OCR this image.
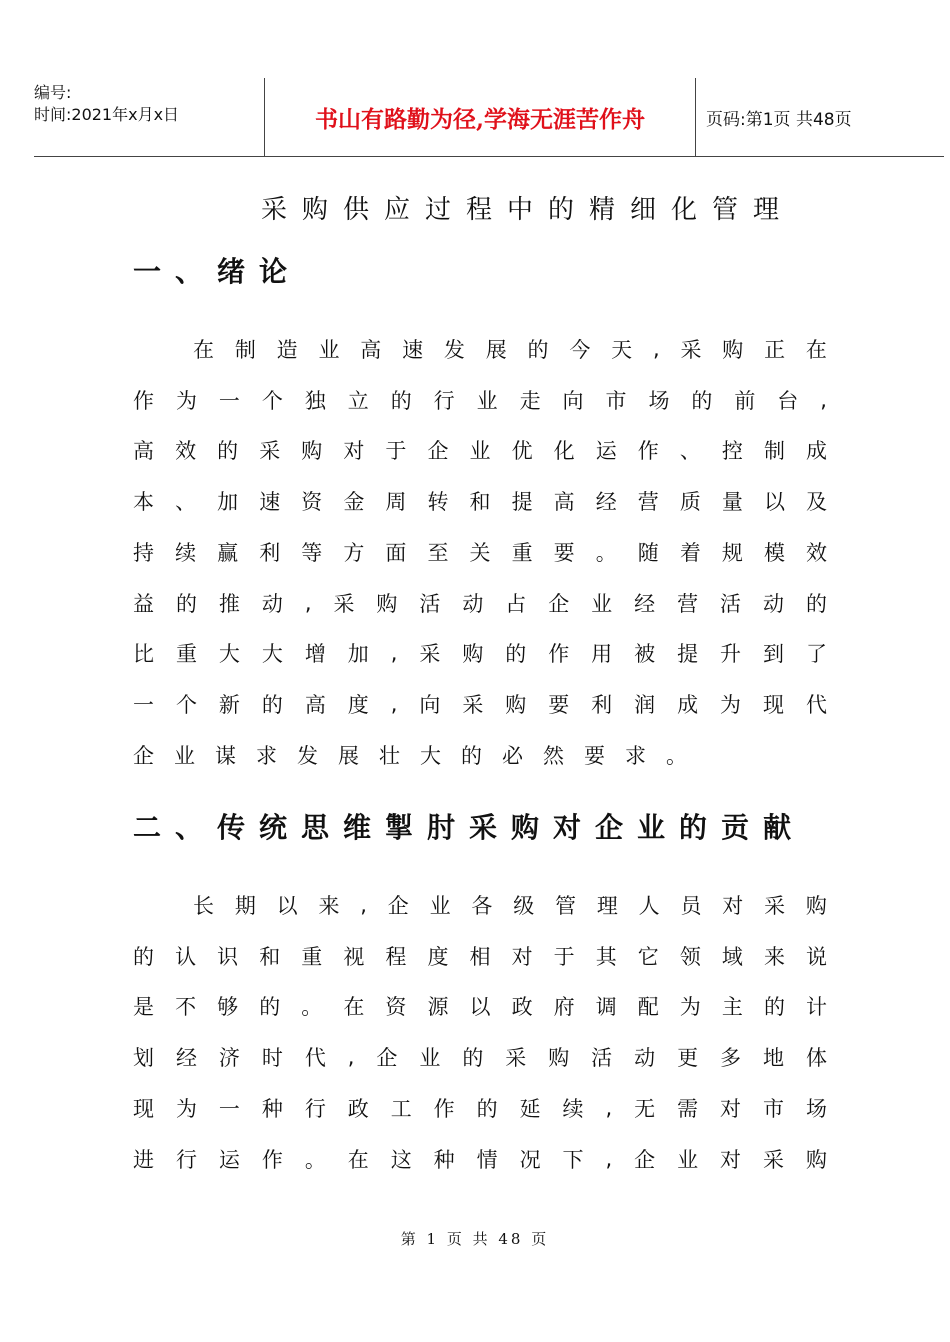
编号:
时间:2021年x月x日	书山有路勤为径,学海无涯苦作舟	页码:第1页 共48页
采购供应过程中的精细化管理
一、绪论
在 制 造 业 高 速 发 展 的 今 天 , 采 购 正 在
作 为 一 个 独 立 的 行 业 走 向 市 场 的 前 台 ,
高 效 的 采 购 对 于 企 业 优 化 运 作 、 控 制 成
本 、 加 速 资 金 周 转 和 提 高 经 营 质 量 以 及
持 续 赢 利 等 方 面 至 关 重 要 。 随 着 规 模 效
益 的 推 动 , 采 购 活 动 占 企 业 经 营 活 动 的
比 重 大 大 增 加 , 采 购 的 作 用 被 提 升 到 了
一 个 新 的 高 度 , 向 采 购 要 利 润 成 为 现 代
企 业 谋 求 发 展 壮 大 的 必 然 要 求 。
二、传统思维掣肘采购对企业的贡献
长 期 以 来 , 企 业 各 级 管 理 人 员 对 采 购
的 认 识 和 重 视 程 度 相 对 于 其 它 领 域 来 说
是 不 够 的 。 在 资 源 以 政 府 调 配 为 主 的 计
划 经 济 时 代 , 企 业 的 采 购 活 动 更 多 地 体
现 为 一 种 行 政 工 作 的 延 续 , 无 需 对 市 场
进 行 运 作 。 在 这 种 情 况 下 , 企 业 对 采 购
第 1 页 共 48 页
